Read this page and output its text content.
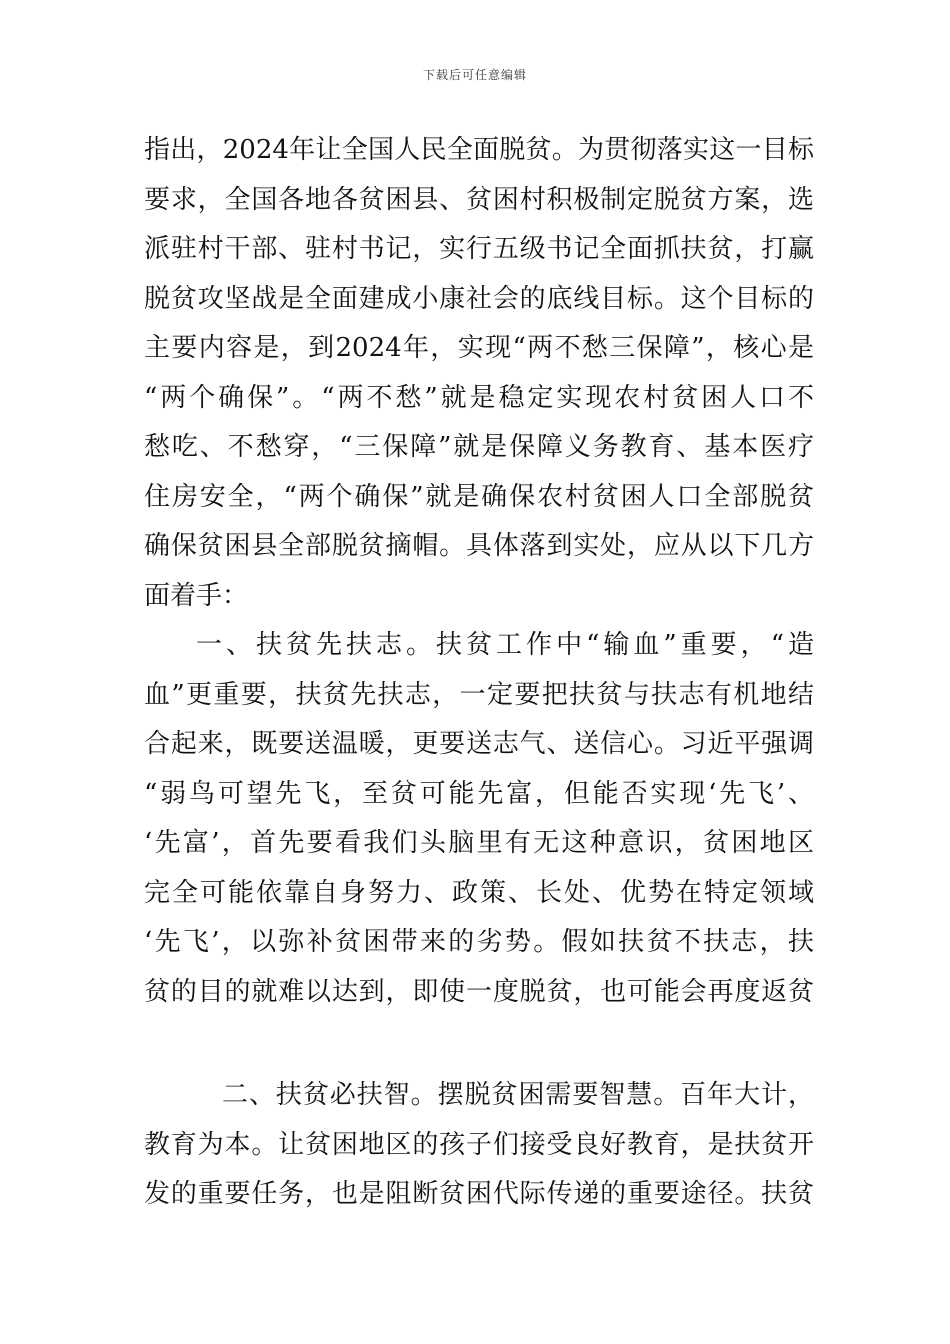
下载后可任意编辑
指出，2024年让全国人民全面脱贫。为贯彻落实这一目标
要求，全国各地各贫困县、贫困村积极制定脱贫方案，选
派驻村干部、驻村书记，实行五级书记全面抓扶贫，打赢
脱贫攻坚战是全面建成小康社会的底线目标。这个目标的
主要内容是，到2024年，实现“两不愁三保障”，核心是
“两个确保”。“两不愁”就是稳定实现农村贫困人口不
愁吃、不愁穿，“三保障”就是保障义务教育、基本医疗
住房安全，“两个确保”就是确保农村贫困人口全部脱贫
确保贫困县全部脱贫摘帽。具体落到实处，应从以下几方
面着手：
一、扶贫先扶志。扶贫工作中“输血”重要，“造
血”更重要，扶贫先扶志，一定要把扶贫与扶志有机地结
合起来，既要送温暖，更要送志气、送信心。习近平强调
“弱鸟可望先飞，至贫可能先富，但能否实现‘先飞’、
‘先富’，首先要看我们头脑里有无这种意识，贫困地区
完全可能依靠自身努力、政策、长处、优势在特定领域
‘先飞’，以弥补贫困带来的劣势。假如扶贫不扶志，扶
贫的目的就难以达到，即使一度脱贫，也可能会再度返贫
二、扶贫必扶智。摆脱贫困需要智慧。百年大计，
教育为本。让贫困地区的孩子们接受良好教育，是扶贫开
发的重要任务，也是阻断贫困代际传递的重要途径。扶贫
